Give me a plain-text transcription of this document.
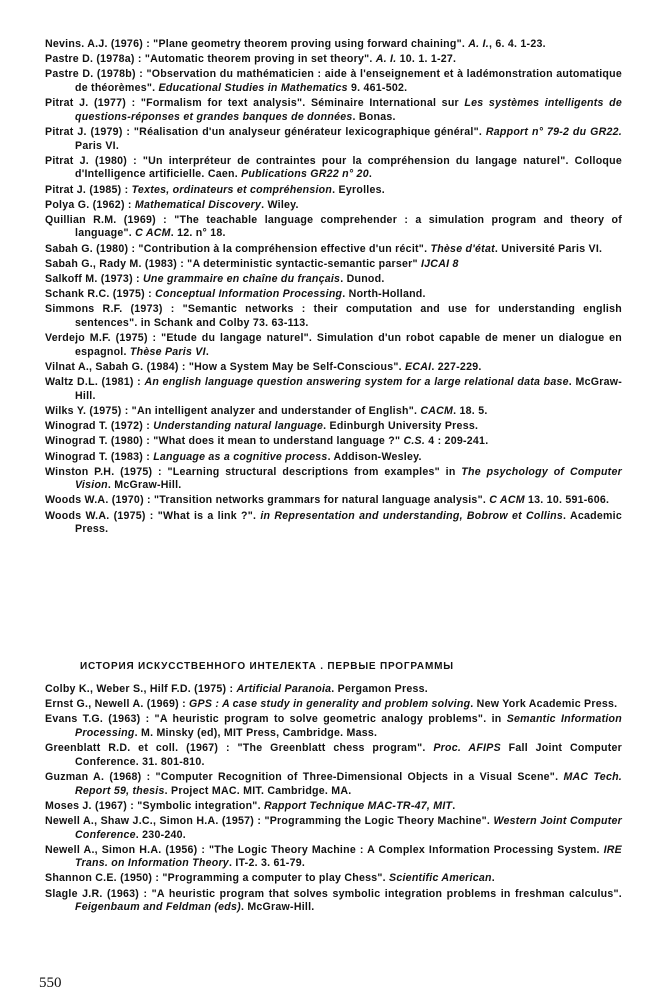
Nevins. A.J. (1976) : "Plane geometry theorem proving using forward chaining". A. I., 6. 4. 1-23.

Pastre D. (1978a) : "Automatic theorem proving in set theory". A. I. 10. 1. 1-27.

Pastre D. (1978b) : "Observation du mathématicien : aide à l'enseignement et à ladémonstration automatique de théorèmes". Educational Studies in Mathematics 9. 461-502.

Pitrat J. (1977) : "Formalism for text analysis". Séminaire International sur Les systèmes intelligents de questions-réponses et grandes banques de données. Bonas.

Pitrat J. (1979) : "Réalisation d'un analyseur générateur lexicographique général". Rapport n° 79-2 du GR22. Paris VI.

Pitrat J. (1980) : "Un interpréteur de contraintes pour la compréhension du langage naturel". Colloque d'Intelligence artificielle. Caen. Publications GR22 n° 20.

Pitrat J. (1985) : Textes, ordinateurs et compréhension. Eyrolles.

Polya G. (1962) : Mathematical Discovery. Wiley.

Quillian R.M. (1969) : "The teachable language comprehender : a simulation program and theory of language". C ACM. 12. n° 18.

Sabah G. (1980) : "Contribution à la compréhension effective d'un récit". Thèse d'état. Université Paris VI.

Sabah G., Rady M. (1983) : "A deterministic syntactic-semantic parser" IJCAI 8

Salkoff M. (1973) : Une grammaire en chaîne du français. Dunod.

Schank R.C. (1975) : Conceptual Information Processing. North-Holland.

Simmons R.F. (1973) : "Semantic networks : their computation and use for understanding english sentences". in Schank and Colby 73. 63-113.

Verdejo M.F. (1975) : "Etude du langage naturel". Simulation d'un robot capable de mener un dialogue en espagnol. Thèse Paris VI.

Vilnat A., Sabah G. (1984) : "How a System May be Self-Conscious". ECAI. 227-229.

Waltz D.L. (1981) : An english language question answering system for a large relational data base. McGraw-Hill.

Wilks Y. (1975) : "An intelligent analyzer and understander of English". CACM. 18. 5.

Winograd T. (1972) : Understanding natural language. Edinburgh University Press.

Winograd T. (1980) : "What does it mean to understand language ?" C.S. 4 : 209-241.

Winograd T. (1983) : Language as a cognitive process. Addison-Wesley.

Winston P.H. (1975) : "Learning structural descriptions from examples" in The psychology of Computer Vision. McGraw-Hill.

Woods W.A. (1970) : "Transition networks grammars for natural language analysis". C ACM 13. 10. 591-606.

Woods W.A. (1975) : "What is a link ?". in Representation and understanding, Bobrow et Collins. Academic Press.

ИСТОРИЯ ИСКУССТВЕННОГО ИНТЕЛЕКТА . ПЕРВЫЕ ПРОГРАММЫ

Colby K., Weber S., Hilf F.D. (1975) : Artificial Paranoia. Pergamon Press.

Ernst G., Newell A. (1969) : GPS : A case study in generality and problem solving. New York Academic Press.

Evans T.G. (1963) : "A heuristic program to solve geometric analogy problems". in Semantic Information Processing. M. Minsky (ed), MIT Press, Cambridge. Mass.

Greenblatt R.D. et coll. (1967) : "The Greenblatt chess program". Proc. AFIPS Fall Joint Computer Conference. 31. 801-810.

Guzman A. (1968) : "Computer Recognition of Three-Dimensional Objects in a Visual Scene". MAC Tech. Report 59, thesis. Project MAC. MIT. Cambridge. MA.

Moses J. (1967) : "Symbolic integration". Rapport Technique MAC-TR-47, MIT.

Newell A., Shaw J.C., Simon H.A. (1957) : "Programming the Logic Theory Machine". Western Joint Computer Conference. 230-240.

Newell A., Simon H.A. (1956) : "The Logic Theory Machine : A Complex Information Processing System. IRE Trans. on Information Theory. IT-2. 3. 61-79.

Shannon C.E. (1950) : "Programming a computer to play Chess". Scientific American.

Slagle J.R. (1963) : "A heuristic program that solves symbolic integration problems in freshman calculus". Feigenbaum and Feldman (eds). McGraw-Hill.

550
